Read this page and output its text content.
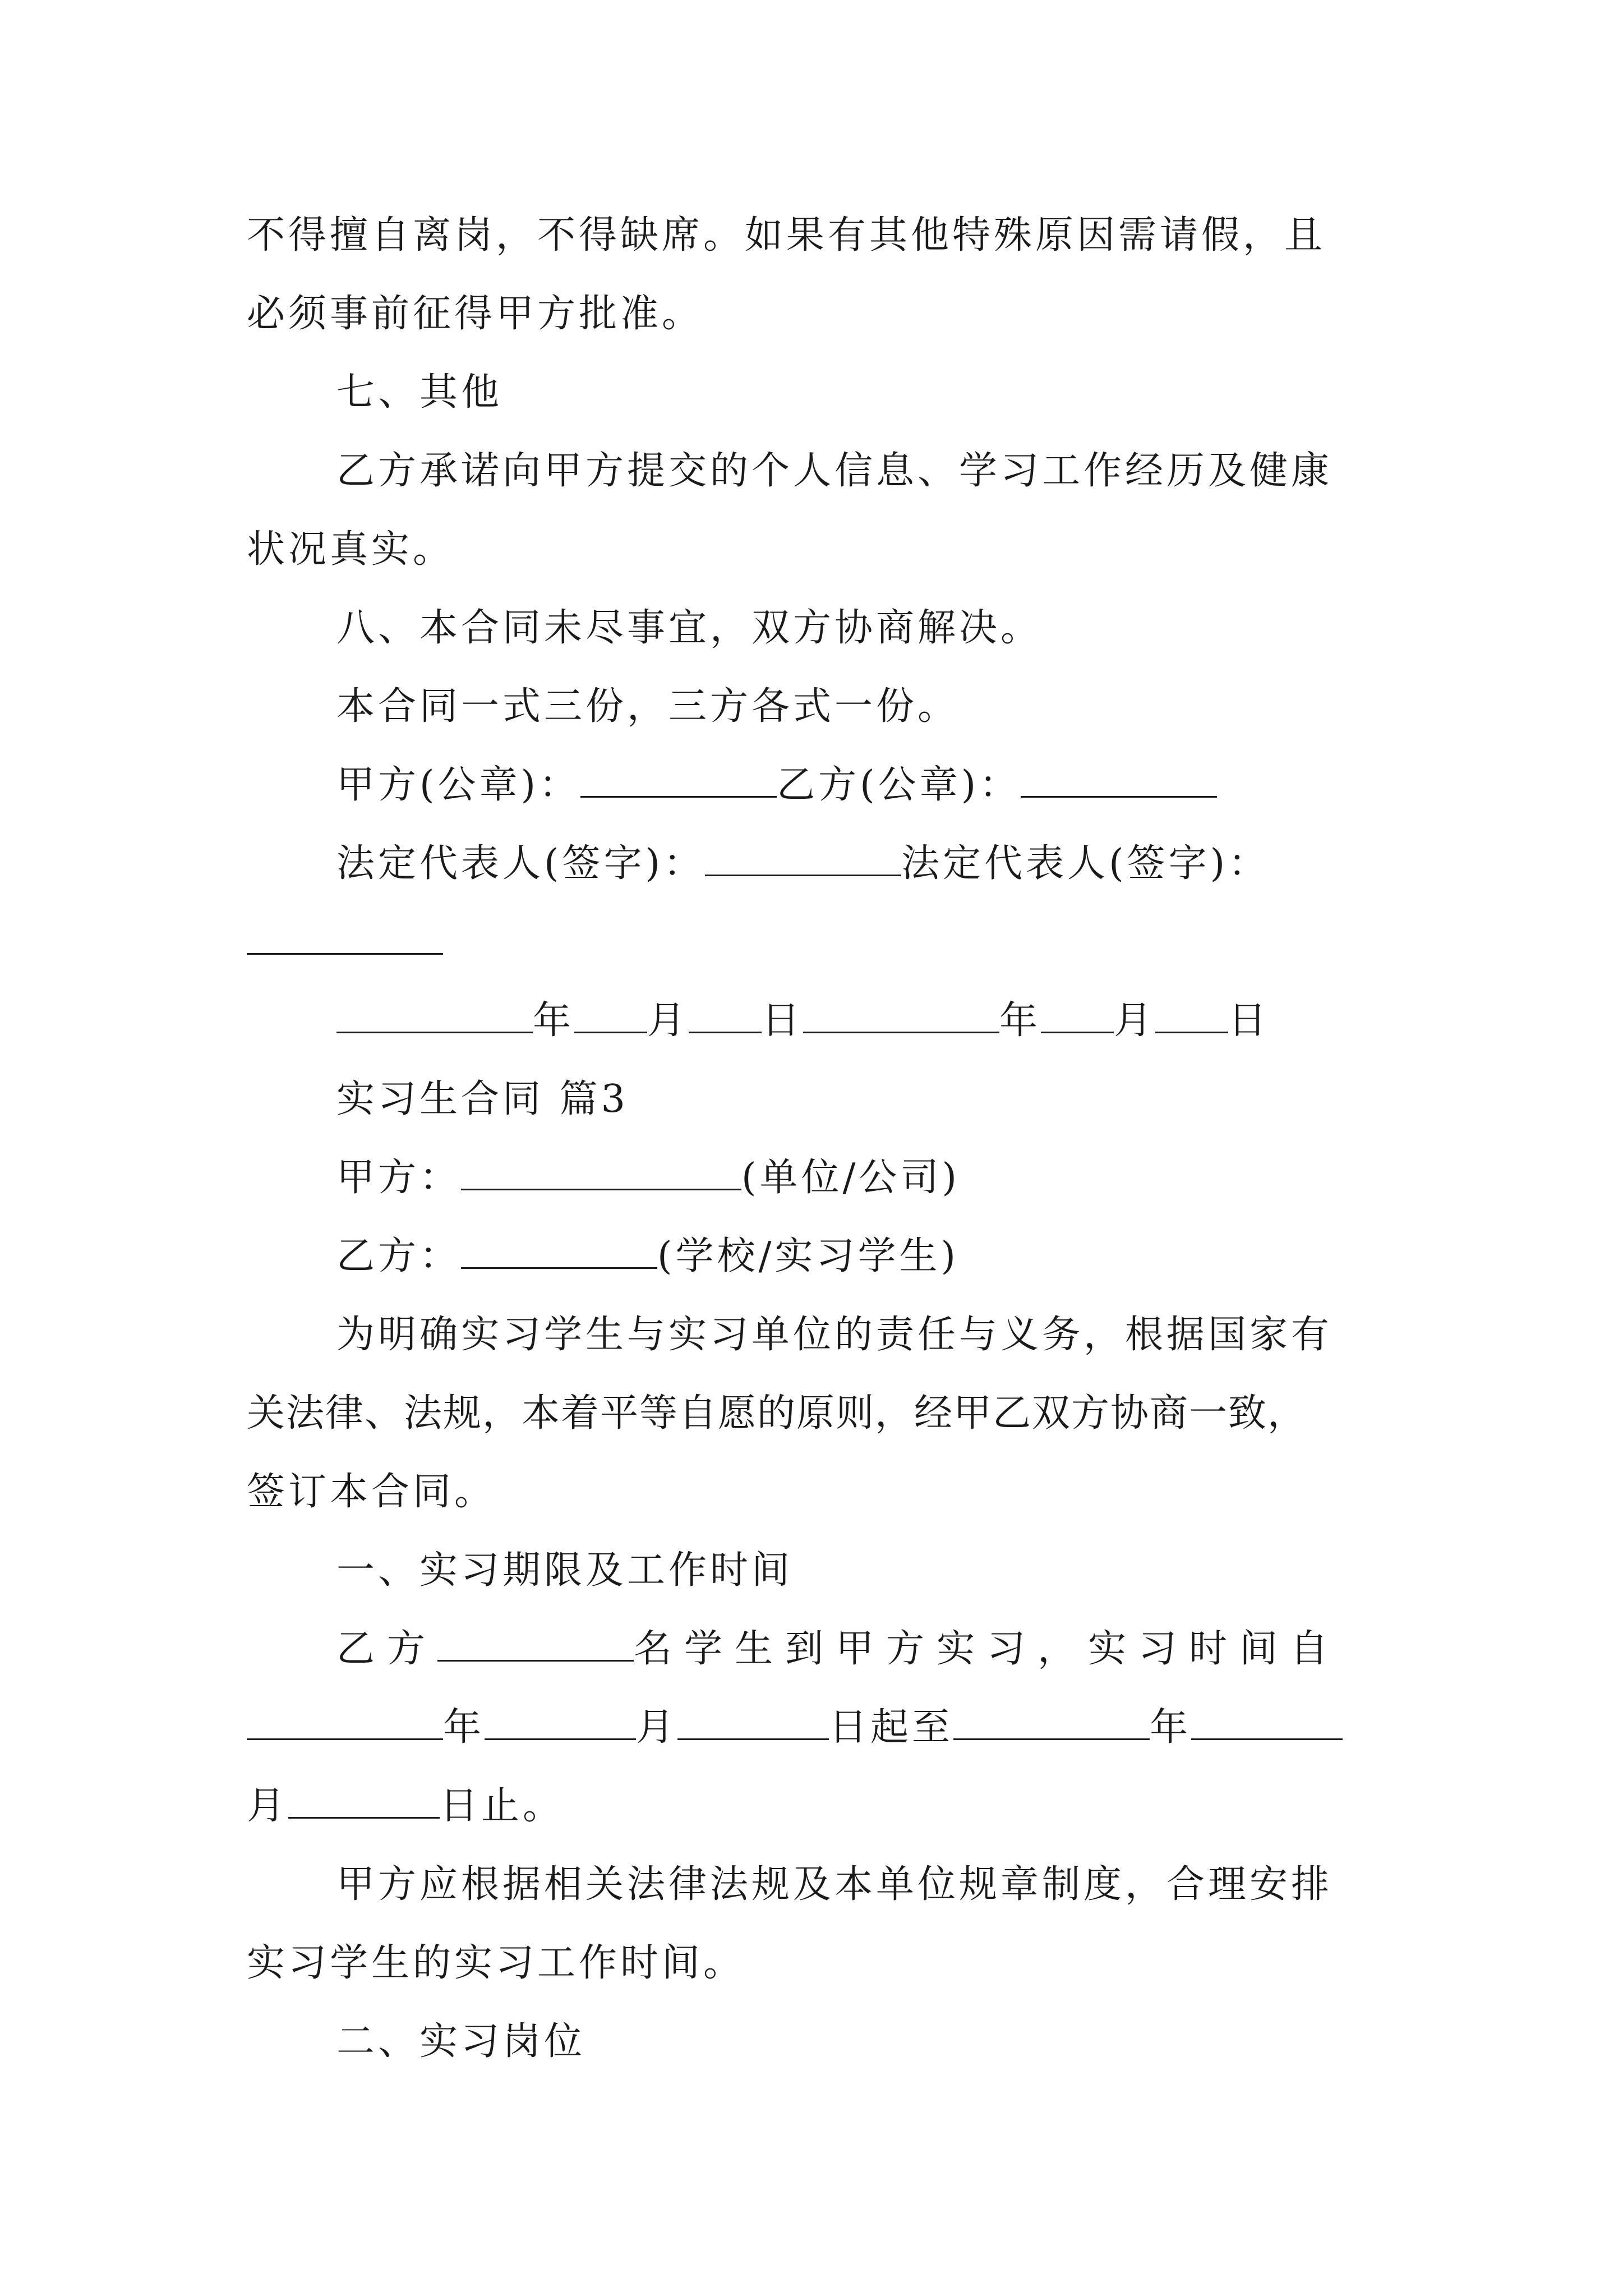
不得擅自离岗，不得缺席。如果有其他特殊原因需请假，且
必须事前征得甲方批准。
七、其他
乙方承诺向甲方提交的个人信息、学习工作经历及健康
状况真实。
八、本合同未尽事宜，双方协商解决。
本合同一式三份，三方各式一份。
甲方(公章)：	乙方(公章)：
法定代表人(签字)：	法定代表人(签字)：
年 月 日	年 月 日
实习生合同 篇3
甲方：	(单位/公司)
乙方：	(学校/实习学生)
为明确实习学生与实习单位的责任与义务，根据国家有
关法律、法规，本着平等自愿的原则，经甲乙双方协商一致，
签订本合同。
一、实习期限及工作时间
乙方	名学生到甲方实习，实习时间自
年	月	日起至	年
月	日止。
甲方应根据相关法律法规及本单位规章制度，合理安排
实习学生的实习工作时间。
二、实习岗位
